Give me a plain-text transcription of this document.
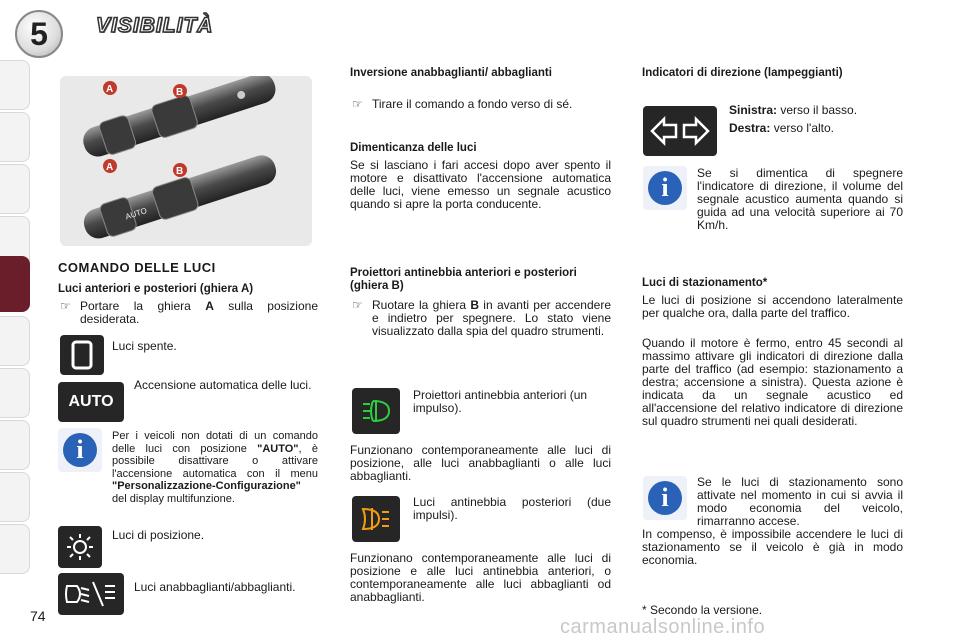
5	VISIBILITÀ
AUTO
A	B
A	B
COMANDO DELLE LUCI
Luci anteriori e posteriori (ghiera A)
☞ Portare la ghiera A sulla posizione desiderata.
Luci spente.
AUTO
Accensione automatica delle luci.
i	Per i veicoli non dotati di un comando delle luci con posizione "AUTO", è possibile disattivare o attivare l'accensione automatica con il menu "Personalizzazione-Configurazione" del display multifunzione.
Luci di posizione.
Luci anabbaglianti/abbaglianti.
74
Inversione anabbaglianti/ abbaglianti
☞ Tirare il comando a fondo verso di sé.
Dimenticanza delle luci
Se si lasciano i fari accesi dopo aver spento il motore e disattivato l'accensione automatica delle luci, viene emesso un segnale acustico quando si apre la porta conducente.
Proiettori antinebbia anteriori e posteriori (ghiera B)
☞ Ruotare la ghiera B in avanti per accendere e indietro per spegnere. Lo stato viene visualizzato dalla spia del quadro strumenti.
Proiettori antinebbia anteriori (un impulso).
Funzionano contemporaneamente alle luci di posizione, alle luci anabbaglianti o alle luci abbaglianti.
Luci antinebbia posteriori (due impulsi).
Funzionano contemporaneamente alle luci di posizione e alle luci antinebbia anteriori, o contemporaneamente alle luci abbaglianti od anabbaglianti.
Indicatori di direzione (lampeggianti)
Sinistra: verso il basso.
Destra: verso l'alto.
i	Se si dimentica di spegnere l'indicatore di direzione, il volume del segnale acustico aumenta quando si guida ad una velocità superiore ai 70 Km/h.
Luci di stazionamento*
Le luci di posizione si accendono lateralmente per qualche ora, dalla parte del traffico.
Quando il motore è fermo, entro 45 secondi al massimo attivare gli indicatori di direzione dalla parte del traffico (ad esempio: stazionamento a destra; accensione a sinistra). Questa azione è indicata da un segnale acustico ed all'accensione del relativo indicatore di direzione sul quadro strumenti nei quali desiderati.
i
Se le luci di stazionamento sono attivate nel momento in cui si avvia il modo economia del veicolo, rimarranno accese.
In compenso, è impossibile accendere le luci di stazionamento se il veicolo è già in modo economia.
* Secondo la versione.
carmanualsonline.info
